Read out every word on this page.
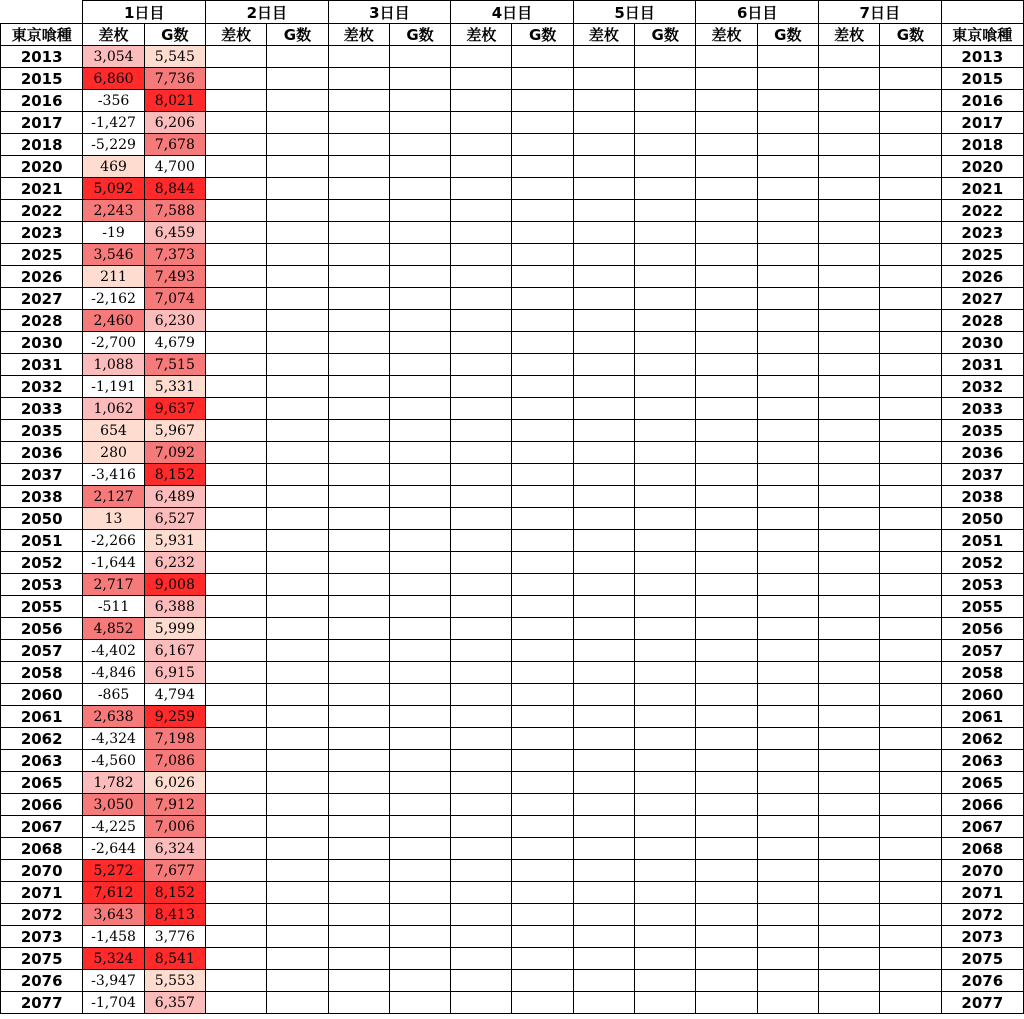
	1日目		2日目		3日目		4日目		5日目		6日目		7日目		
東京喰種	差枚	G数	差枚	G数	差枚	G数	差枚	G数	差枚	G数	差枚	G数	差枚	G数	東京喰種
2013	3,054	5,545													2013
2015	6,860	7,736													2015
2016	-356	8,021													2016
2017	-1,427	6,206													2017
2018	-5,229	7,678													2018
2020	469	4,700													2020
2021	5,092	8,844													2021
2022	2,243	7,588													2022
2023	-19	6,459													2023
2025	3,546	7,373													2025
2026	211	7,493													2026
2027	-2,162	7,074													2027
2028	2,460	6,230													2028
2030	-2,700	4,679													2030
2031	1,088	7,515													2031
2032	-1,191	5,331													2032
2033	1,062	9,637													2033
2035	654	5,967													2035
2036	280	7,092													2036
2037	-3,416	8,152													2037
2038	2,127	6,489													2038
2050	13	6,527													2050
2051	-2,266	5,931													2051
2052	-1,644	6,232													2052
2053	2,717	9,008													2053
2055	-511	6,388													2055
2056	4,852	5,999													2056
2057	-4,402	6,167													2057
2058	-4,846	6,915													2058
2060	-865	4,794													2060
2061	2,638	9,259													2061
2062	-4,324	7,198													2062
2063	-4,560	7,086													2063
2065	1,782	6,026													2065
2066	3,050	7,912													2066
2067	-4,225	7,006													2067
2068	-2,644	6,324													2068
2070	5,272	7,677													2070
2071	7,612	8,152													2071
2072	3,643	8,413													2072
2073	-1,458	3,776													2073
2075	5,324	8,541													2075
2076	-3,947	5,553													2076
2077	-1,704	6,357													2077
